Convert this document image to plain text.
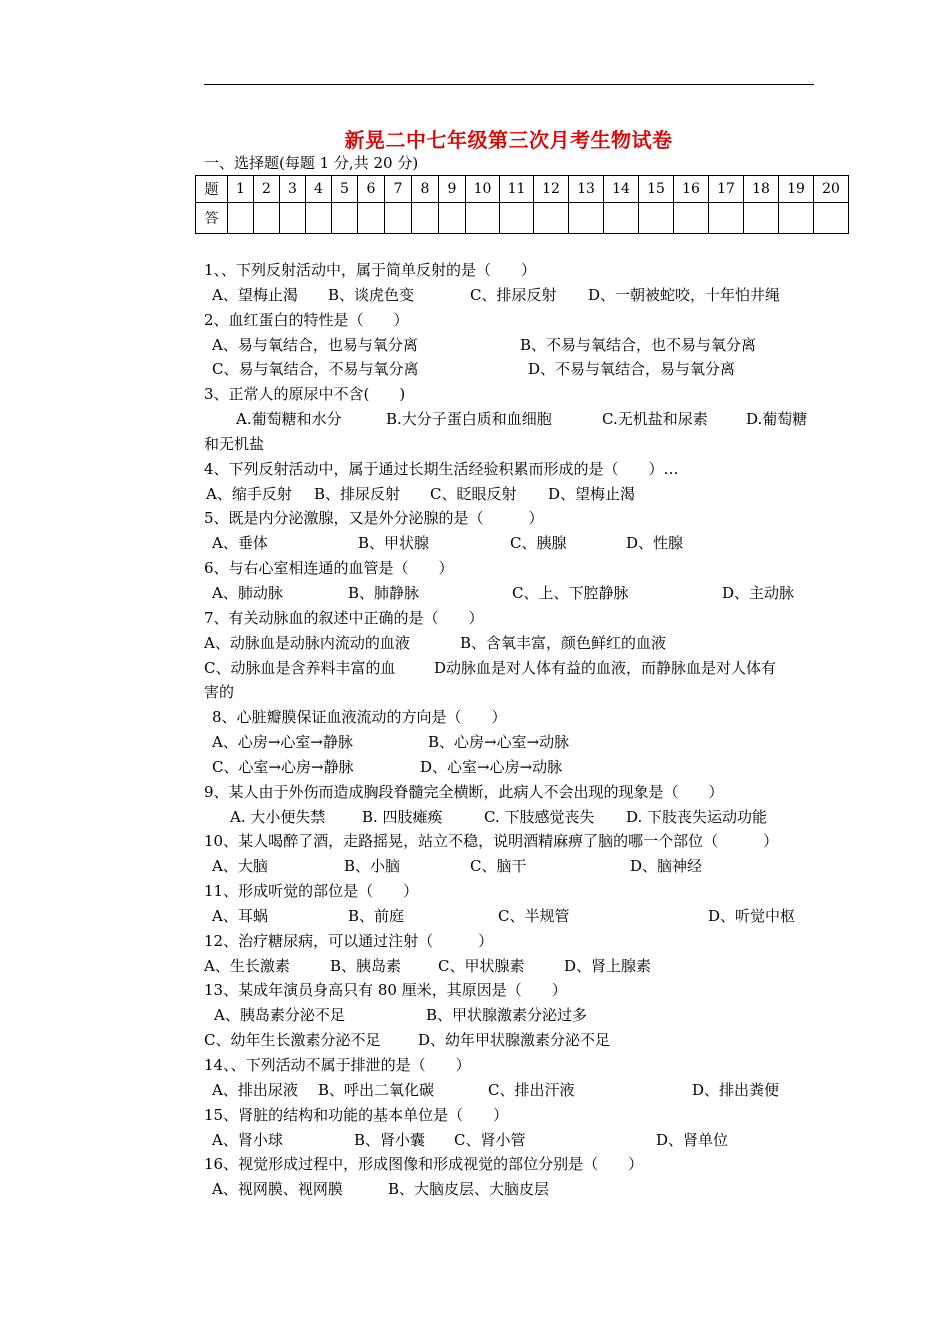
新晃二中七年级第三次月考生物试卷
一、选择题(每题 1 分,共 20 分)
题	1	2	3	4	5	6	7	8	9	10	11	12	13	14	15	16	17	18	19	20
答																				
1、、下列反射活动中，属于简单反射的是（　　）
A、望梅止渴 B、谈虎色变	C、排尿反射 D、一朝被蛇咬，十年怕井绳
2、血红蛋白的特性是（　　）
A、易与氧结合，也易与氧分离	B、不易与氧结合，也不易与氧分离
C、易与氧结合，不易与氧分离	D、不易与氧结合，易与氧分离
3、正常人的原尿中不含(　　)
A.葡萄糖和水分	B.大分子蛋白质和血细胞	C.无机盐和尿素	D.葡萄糖
和无机盐
4、下列反射活动中，属于通过长期生活经验积累而形成的是（　　）…
A、缩手反射 B、排尿反射 C、眨眼反射 D、望梅止渴
5、既是内分泌激腺，又是外分泌腺的是（　　　）
A、垂体	B、甲状腺	C、胰腺	D、性腺
6、与右心室相连通的血管是（　　）
A、肺动脉	B、肺静脉	C、上、下腔静脉	D、主动脉
7、有关动脉血的叙述中正确的是（　　）
A、动脉血是动脉内流动的血液	B、含氧丰富，颜色鲜红的血液
C、动脉血是含养料丰富的血	D动脉血是对人体有益的血液，而静脉血是对人体有
害的
8、心脏瓣膜保证血液流动的方向是（　　）
A、心房→心室→静脉	B、心房→心室→动脉
C、心室→心房→静脉	D、心室→心房→动脉
9、某人由于外伤而造成胸段脊髓完全横断，此病人不会出现的现象是（　　）
A. 大小便失禁 B. 四肢瘫痪	C. 下肢感觉丧失 D. 下肢丧失运动功能
10、某人喝醉了酒，走路摇晃，站立不稳，说明酒精麻痹了脑的哪一个部位（　　　）
A、大脑	B、小脑	C、脑干	D、脑神经
11、形成听觉的部位是（　　）
A、耳蜗	B、前庭	C、半规管	D、听觉中枢
12、治疗糖尿病，可以通过注射（　　　）
A、生长激素	B、胰岛素 C、甲状腺素	D、肾上腺素
13、某成年演员身高只有 80 厘米，其原因是（　　）
A、胰岛素分泌不足	B、甲状腺激素分泌过多
C、幼年生长激素分泌不足	D、幼年甲状腺激素分泌不足
14、、下列活动不属于排泄的是（　　）
A、排出尿液 B、呼出二氧化碳	C、排出汗液	D、排出粪便
15、肾脏的结构和功能的基本单位是（　　）
A、肾小球	B、肾小囊 C、肾小管	D、肾单位
16、视觉形成过程中，形成图像和形成视觉的部位分别是（　　）
A、视网膜、视网膜	B、大脑皮层、大脑皮层
